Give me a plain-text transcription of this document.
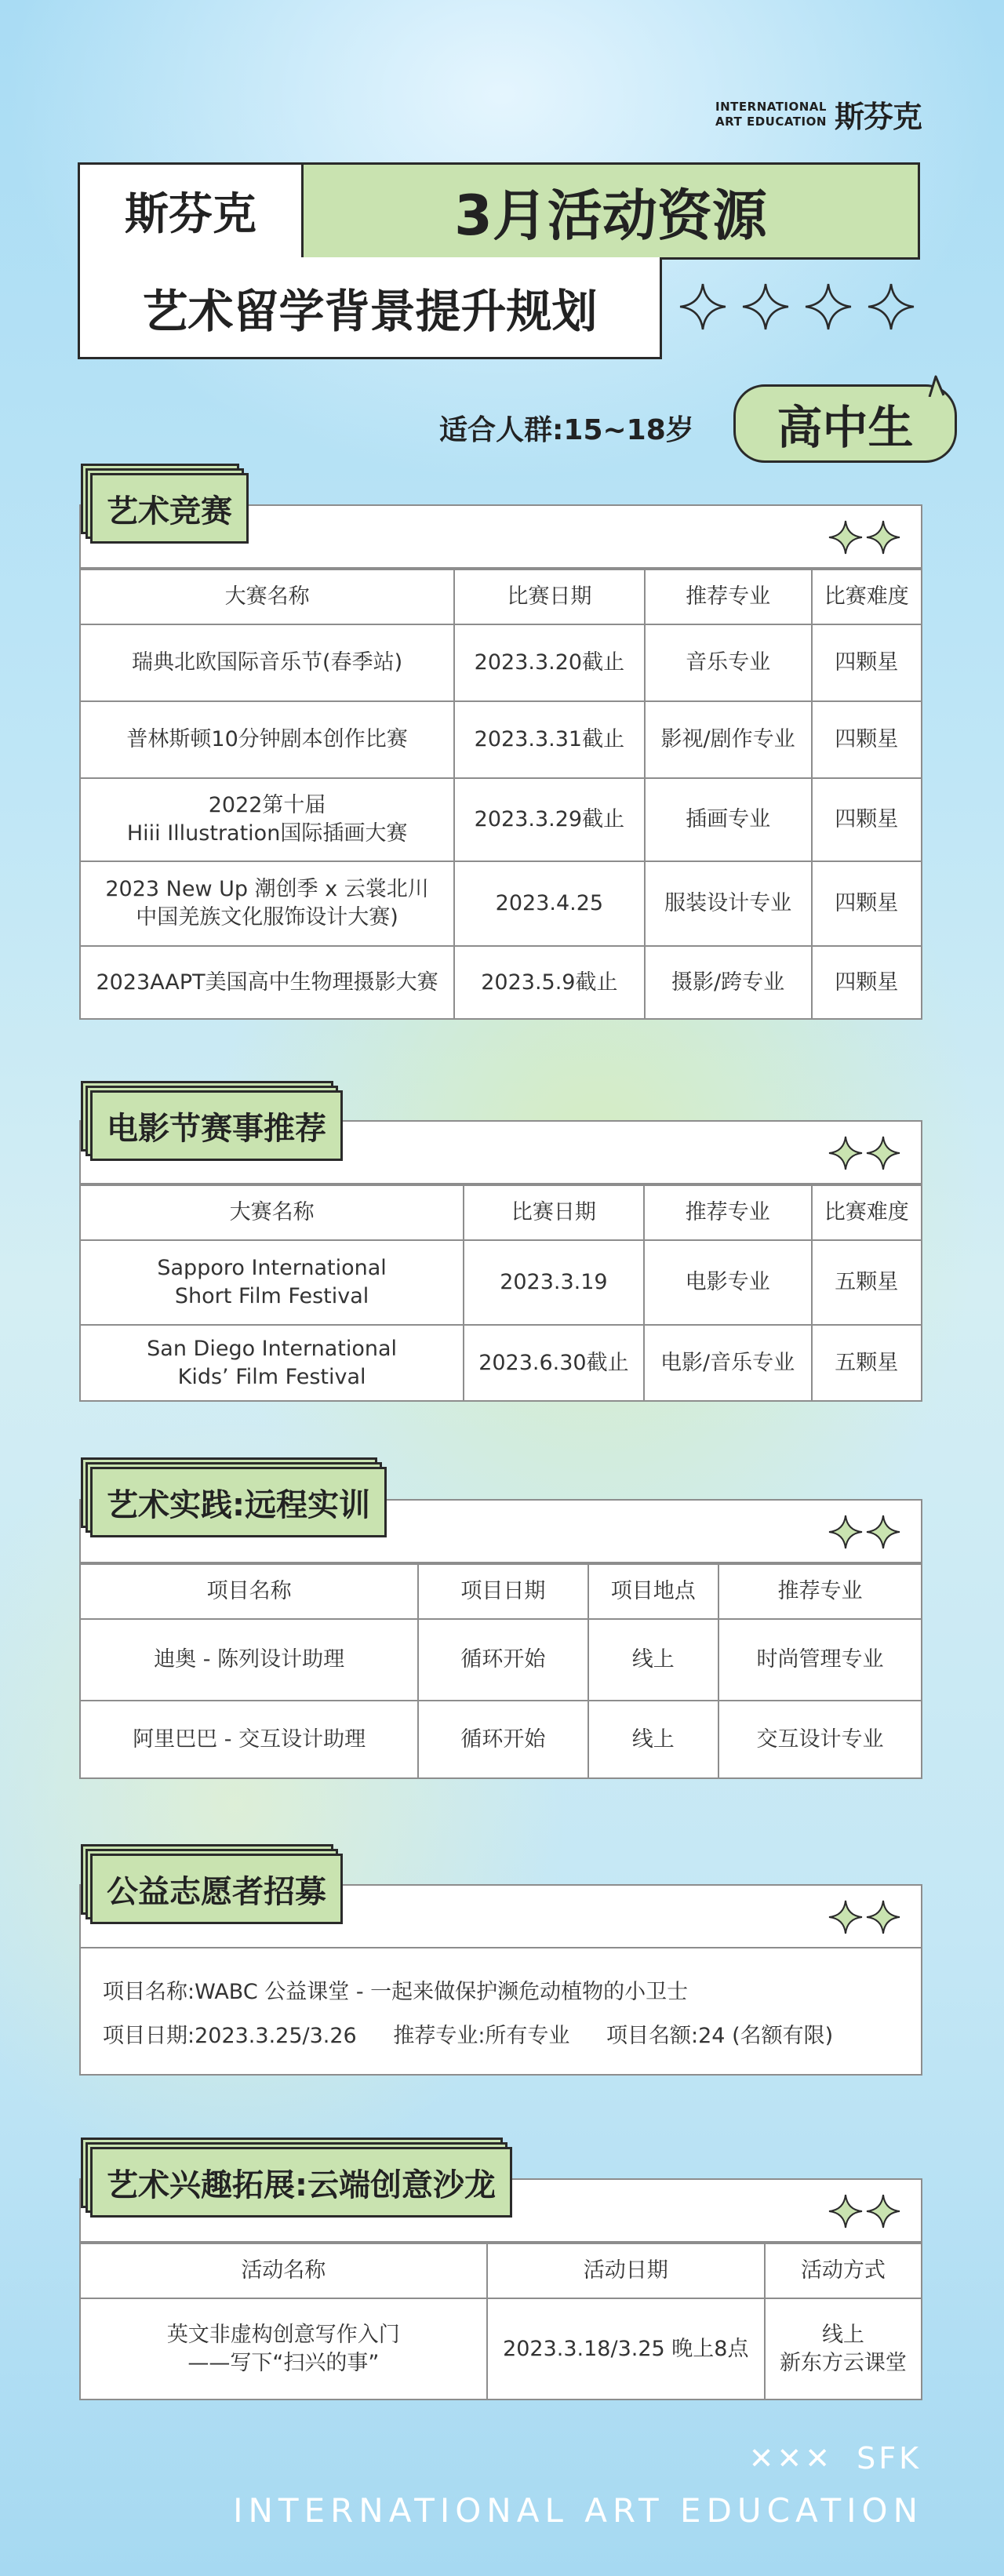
INTERNATIONAL
ART EDUCATION 斯芬克
斯芬克	3月活动资源
艺术留学背景提升规划
适合人群:15~18岁	高中生
大赛名称	比赛日期	推荐专业	比赛难度
瑞典北欧国际音乐节(春季站)	2023.3.20截止	音乐专业	四颗星
普林斯顿10分钟剧本创作比赛	2023.3.31截止	影视/剧作专业	四颗星
2022第十届
Hiii Illustration国际插画大赛	2023.3.29截止	插画专业	四颗星
2023 New Up 潮创季 x 云裳北川
中国羌族文化服饰设计大赛)	2023.4.25	服装设计专业	四颗星
2023AAPT美国高中生物理摄影大赛	2023.5.9截止	摄影/跨专业	四颗星
艺术竞赛
大赛名称	比赛日期	推荐专业	比赛难度
Sapporo International
Short Film Festival	2023.3.19	电影专业	五颗星
San Diego International
Kids’ Film Festival	2023.6.30截止	电影/音乐专业	五颗星
电影节赛事推荐
项目名称	项目日期	项目地点	推荐专业
迪奥 - 陈列设计助理	循环开始	线上	时尚管理专业
阿里巴巴 - 交互设计助理	循环开始	线上	交互设计专业
艺术实践:远程实训
项目名称:WABC 公益课堂 - 一起来做保护濒危动植物的小卫士
项目日期:2023.3.25/3.26 推荐专业:所有专业 项目名额:24 (名额有限)
公益志愿者招募
活动名称	活动日期	活动方式
英文非虚构创意写作入门
——写下“扫兴的事”	2023.3.18/3.25 晚上8点	线上
新东方云课堂
艺术兴趣拓展:云端创意沙龙
✕✕✕ SFK
INTERNATIONAL ART EDUCATION
